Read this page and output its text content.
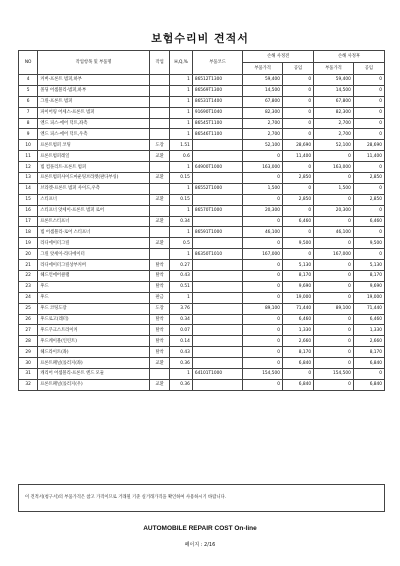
보험수리비 견적서
NO	작업항목 및 부품명	작업	H,Q,%	부품코드	손해 사정전		손해 사정후	
					부품가격	공임	부품가격	공임
4	커버-프론트 범퍼,하부		1	86512T1300	59,400	0	59,400	0
5	몰딩 어셈블리-범퍼,하부		1	86569T1300	14,500	0	14,500	0
6	그릴-프론트 범퍼		1	86531T1400	67,800	0	67,800	0
7	파이어링 어세스-프론트 범퍼		1	91690T1040	82,300	0	82,300	0
8	엔드 피스-에어 덕트,좌측		1	86545T1100	2,700	0	2,700	0
9	엔드 피스-에어 덕트,우측		1	86546T1100	2,700	0	2,700	0
10	프론트범퍼 코팅	도장	1.51		52,100	28,690	52,100	28,690
11	프론트범퍼레일	교환	0.6		0	11,400	0	11,400
12	빔 컴플리트-프론트 범퍼		1	64900T1000	163,000	0	163,000	0
13	프론트범퍼사이드마운팅브라켓(판다부싱)	교환	0.15		0	2,850	0	2,850
14	브라켓-프론트 범퍼 사이드,우측		1	86552T1000	1,500	0	1,500	0
15	스티프너	교환	0.15		0	2,850	0	2,850
16	스티프너 앗세이-프론트 범퍼 로어		1	86570T1000	20,300	0	20,300	0
17	프론트스티프너	교환	0.34		0	6,460	0	6,460
18	빔 어셈블리-로어 스티프너		1	86591T1000	46,100	0	46,100	0
19	라디에이터그릴	교환	0.5		0	9,500	0	9,500
20	그릴 앗세이-라디에이터		1	86350T1010	167,000	0	167,000	0
21	라디에이터그릴상부커버	탈착	0.27		0	5,130	0	5,130
22	헤드언에어클램	탈착	0.43		0	8,170	0	8,170
23	후드	탈착	0.51		0	9,690	0	9,690
24	후드	판금	1		0	19,000	0	19,000
25	후드 코팅도장	도장	3.76		89,100	71,440	89,100	71,440
26	후드로고(레터)	탈착	0.34		0	6,460	0	6,460
27	후드쿠크스트라이커	탈착	0.07		0	1,330	0	1,330
28	후드케이블(인린트)	탈착	0.14		0	2,660	0	2,660
29	헤드라이트(좌)	탈착	0.43		0	8,170	0	8,170
30	프론트패널(롤러지(좌)	교환	0.36		0	6,840	0	6,840
31	캐리어 어셈블리-프론트 엔드 모듈		1	64101T1000	154,500	0	154,500	0
32	프론트패널(롤러지(우)	교환	0.36		0	6,840	0	6,840
이 견적서(청구서)의 부품가격은 참고 가격이므로 거래될 기준 실거래가격을 확인하여 사용하시기 바랍니다.
AUTOMOBILE REPAIR COST On-line
페이지 : 2/16
